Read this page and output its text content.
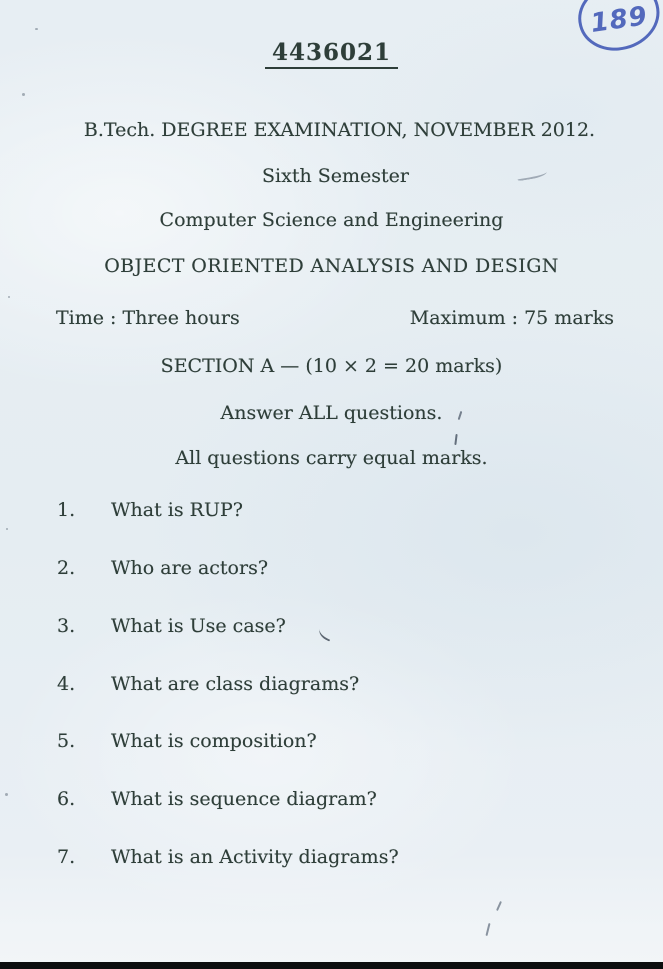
189
4436021
B.Tech. DEGREE EXAMINATION, NOVEMBER 2012.
Sixth Semester
Computer Science and Engineering
OBJECT ORIENTED ANALYSIS AND DESIGN
Time : Three hours	Maximum : 75 marks
SECTION A — (10 × 2 = 20 marks)
Answer ALL questions.
All questions carry equal marks.
1. What is RUP?
2. Who are actors?
3. What is Use case?
4. What are class diagrams?
5. What is composition?
6. What is sequence diagram?
7. What is an Activity diagrams?
